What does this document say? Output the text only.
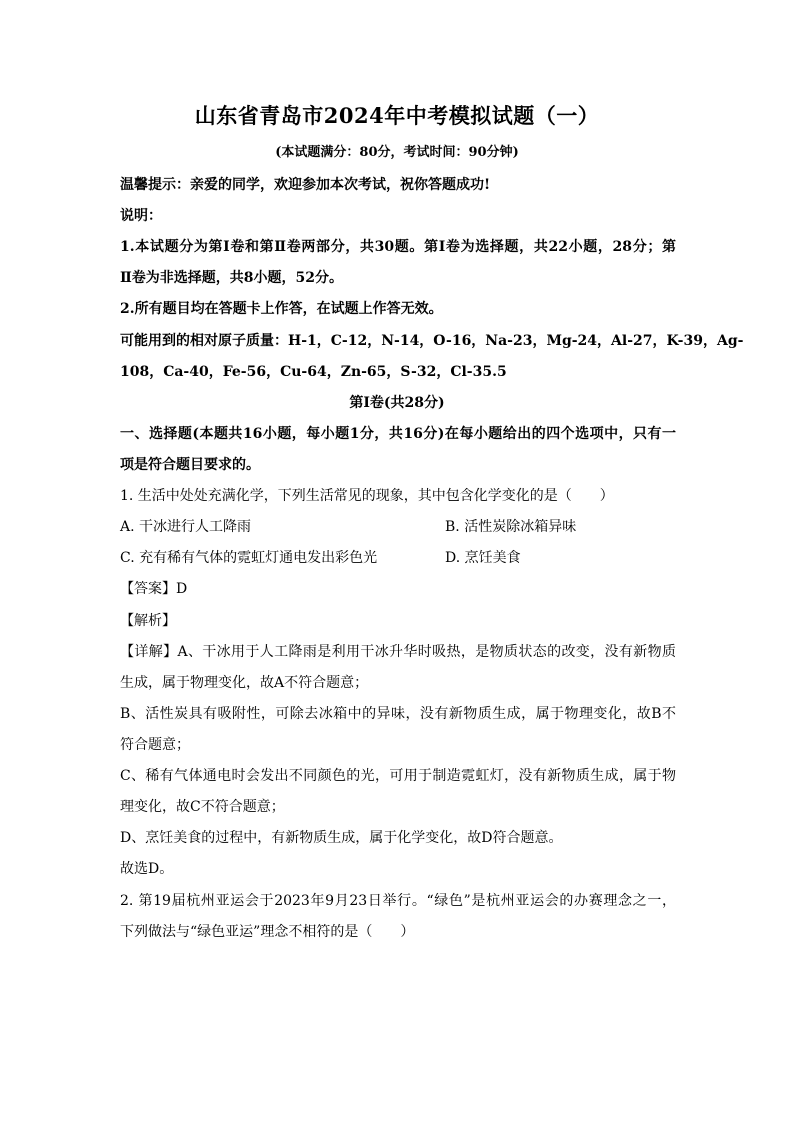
山东省青岛市2024年中考模拟试题（一）
(本试题满分：80分，考试时间：90分钟)
温馨提示：亲爱的同学，欢迎参加本次考试，祝你答题成功!
说明：
1.本试题分为第Ⅰ卷和第Ⅱ卷两部分，共30题。第Ⅰ卷为选择题，共22小题，28分；第
Ⅱ卷为非选择题，共8小题，52分。
2.所有题目均在答题卡上作答，在试题上作答无效。
可能用到的相对原子质量：H-1，C-12，N-14，O-16，Na-23，Mg-24，Al-27，K-39，Ag-
108，Ca-40，Fe-56，Cu-64，Zn-65，S-32，Cl-35.5
第Ⅰ卷(共28分)
一、选择题(本题共16小题，每小题1分，共16分)在每小题给出的四个选项中，只有一
项是符合题目要求的。
1. 生活中处处充满化学，下列生活常见的现象，其中包含化学变化的是（　　）
A. 干冰进行人工降雨	B. 活性炭除冰箱异味
C. 充有稀有气体的霓虹灯通电发出彩色光	D. 烹饪美食
【答案】D
【解析】
【详解】A、干冰用于人工降雨是利用干冰升华时吸热，是物质状态的改变，没有新物质
生成，属于物理变化，故A不符合题意；
B、活性炭具有吸附性，可除去冰箱中的异味，没有新物质生成，属于物理变化，故B不
符合题意；
C、稀有气体通电时会发出不同颜色的光，可用于制造霓虹灯，没有新物质生成，属于物
理变化，故C不符合题意；
D、烹饪美食的过程中，有新物质生成，属于化学变化，故D符合题意。
故选D。
2. 第19届杭州亚运会于2023年9月23日举行。“绿色”是杭州亚运会的办赛理念之一，
下列做法与“绿色亚运”理念不相符的是（　　）
